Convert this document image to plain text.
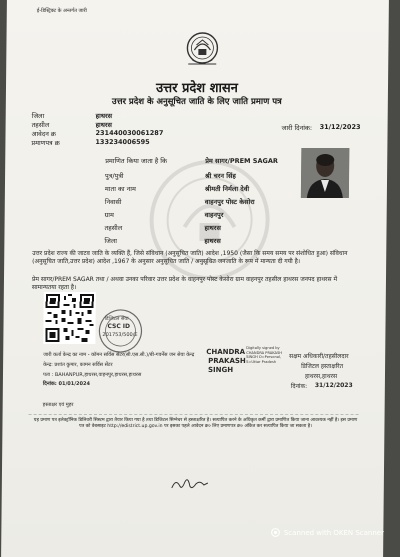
ई-डिस्ट्रिक्ट के अन्तर्गत जारी
उत्तर प्रदेश शासन
उत्तर प्रदेश के अनुसूचित जाति के लिए जाति प्रमाण पत्र
जिला	हाथरस
तहसील	हाथरस
आवेदन क्र	231440030061287
प्रमाणपत्र क्र	133234006595
जारी दिनांक: 31/12/2023
प्रमाणित किया जाता है कि	प्रेम सागर/PREM SAGAR
पुत्र/पुत्री	श्री चरन सिंह
माता का नाम	श्रीमती निर्मला देवी
निवासी	वाहनपुर पोस्ट केसोरा
ग्राम	वाहनपुर
तहसील	हाथरस
जिला	हाथरस
उत्तर प्रदेश राज्य की जाटव जाति के व्यक्ति हैं, जिसे संविधान (अनुसूचित जाति) आदेश ,1950 (जैसा कि समय समय पर संशोधित हुआ) संविधान (अनुसूचित जाति,उत्तर प्रदेश) आदेश ,1967 के अनुसार अनुसूचित जाति / अनुसूचित जनजाति के रूप में मान्यता दी गयी है।
प्रेम सागर/PREM SAGAR तथा / अथवा उनका परिवार उत्तर प्रदेश के वाहनपुर पोस्ट केसोरा ग्राम वाहनपुर तहसील हाथरस जनपद हाथरस में सामान्यतया रहता है।
डिजिटल सेवा
CSC ID
201753/500/E
जारी कर्ता केन्द्र का नाम - कॉमन सर्विस सेंटर(सी.एस.सी.)/बी-गवर्नेंस जन सेवा केन्द्र
केन्द्र: प्रशांत कुमार, कामन सर्विस सेंटर
पता : BAHANPUR,हाथरस,वाहनपुर,हाथरस,हाथरस
दिनांक: 01/01/2024
CHANDRA
PRAKASH
SINGH
Digitally signed by CHANDRA PRAKASH SINGH O=Personal, S=Uttar Pradesh
सक्षम अधिकारी/तहसीलदार
डिजिटल हस्ताक्षरित
हाथरस,हाथरस
दिनांक: 31/12/2023
हस्ताक्षर एवं मुहर
यह प्रमाण पत्र इलेक्ट्रॉनिक डिलिवरी सिस्टम द्वारा तैयार किया गया है तथा डिजिटल सिग्नेचर से हस्ताक्षरित है। सत्यापित करने के अधिकृत कर्मी द्वारा प्रमाणित किया जाना आवश्यक नहीं है। इस प्रमाण पत्र को वेबसाइट http://edistrict.up.gov.in पर इसका पहले आवेदन क्र० लिए प्रमाणपत्र क्र० अंकित कर सत्यापित किया जा सकता है।
Scanned with OKEN Scanner
